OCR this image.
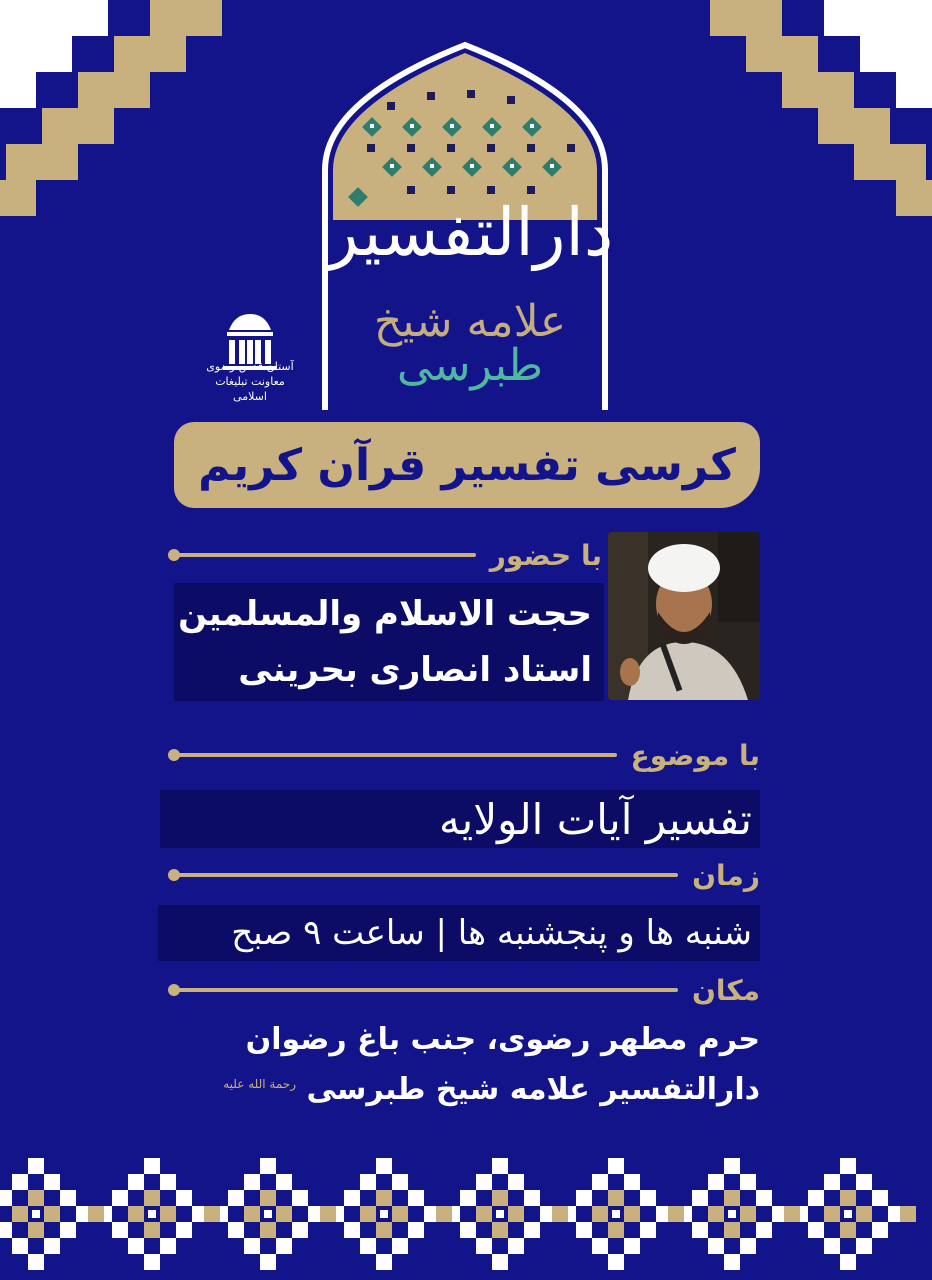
دارالتفسیر
علامه شیخ طبرسی
آستان قدس رضوی
معاونت تبلیغات اسلامی
کرسی تفسیر قرآن کریم
با حضور
حجت الاسلام والمسلمین
استاد انصاری بحرینی
با موضوع
تفسیر آیات الولایه
زمان
شنبه ها و پنجشنبه ها | ساعت ۹ صبح
مکان
حرم مطهر رضوی، جنب باغ رضوان
دارالتفسیر علامه شیخ طبرسی $^{رحمة الله علیه}$
